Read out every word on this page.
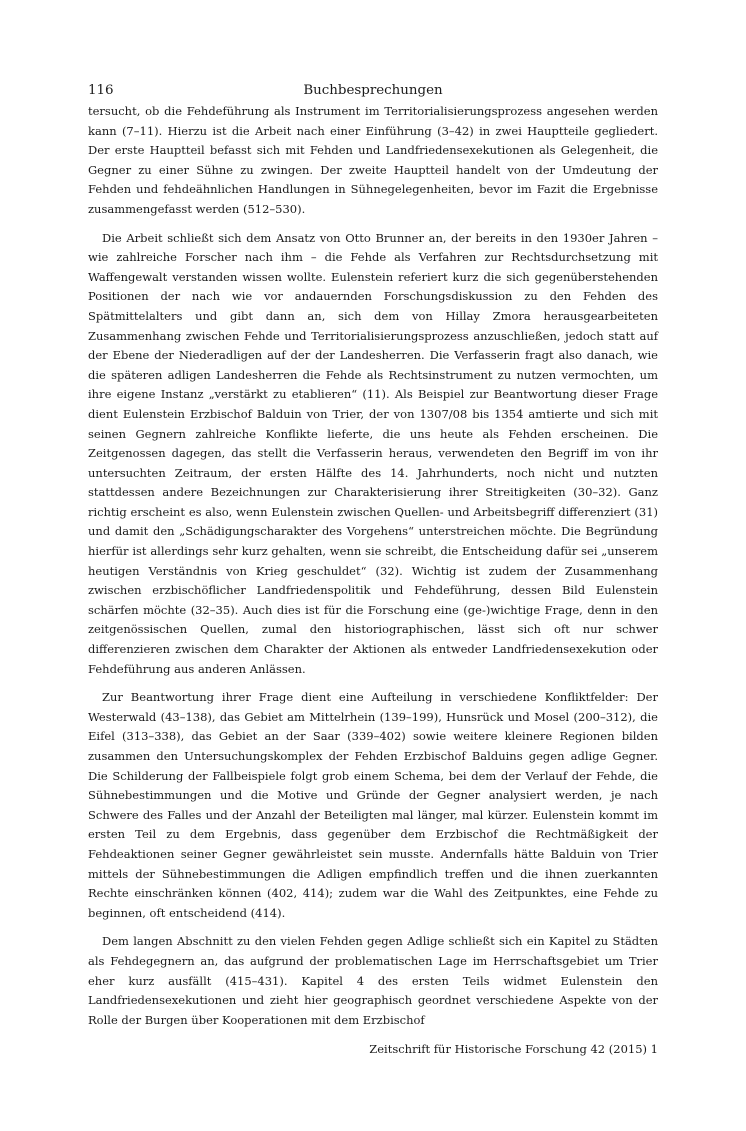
116	Buchbesprechungen

tersucht, ob die Fehdeführung als Instrument im Territorialisierungsprozess angesehen werden kann (7–11). Hierzu ist die Arbeit nach einer Einführung (3–42) in zwei Hauptteile gegliedert. Der erste Hauptteil befasst sich mit Fehden und Landfriedensexekutionen als Gelegenheit, die Gegner zu einer Sühne zu zwingen. Der zweite Hauptteil handelt von der Umdeutung der Fehden und fehdeähnlichen Handlungen in Sühnegelegenheiten, bevor im Fazit die Ergebnisse zusammengefasst werden (512–530).

Die Arbeit schließt sich dem Ansatz von Otto Brunner an, der bereits in den 1930er Jahren – wie zahlreiche Forscher nach ihm – die Fehde als Verfahren zur Rechtsdurchsetzung mit Waffengewalt verstanden wissen wollte. Eulenstein referiert kurz die sich gegenüberstehenden Positionen der nach wie vor andauernden Forschungsdiskussion zu den Fehden des Spätmittelalters und gibt dann an, sich dem von Hillay Zmora herausgearbeiteten Zusammenhang zwischen Fehde und Territorialisierungsprozess anzuschließen, jedoch statt auf der Ebene der Niederadligen auf der der Landesherren. Die Verfasserin fragt also danach, wie die späteren adligen Landesherren die Fehde als Rechtsinstrument zu nutzen vermochten, um ihre eigene Instanz „verstärkt zu etablieren“ (11). Als Beispiel zur Beantwortung dieser Frage dient Eulenstein Erzbischof Balduin von Trier, der von 1307/08 bis 1354 amtierte und sich mit seinen Gegnern zahlreiche Konflikte lieferte, die uns heute als Fehden erscheinen. Die Zeitgenossen dagegen, das stellt die Verfasserin heraus, verwendeten den Begriff im von ihr untersuchten Zeitraum, der ersten Hälfte des 14. Jahrhunderts, noch nicht und nutzten stattdessen andere Bezeichnungen zur Charakterisierung ihrer Streitigkeiten (30–32). Ganz richtig erscheint es also, wenn Eulenstein zwischen Quellen- und Arbeitsbegriff differenziert (31) und damit den „Schädigungscharakter des Vorgehens“ unterstreichen möchte. Die Begründung hierfür ist allerdings sehr kurz gehalten, wenn sie schreibt, die Entscheidung dafür sei „unserem heutigen Verständnis von Krieg geschuldet“ (32). Wichtig ist zudem der Zusammenhang zwischen erzbischöflicher Landfriedenspolitik und Fehdeführung, dessen Bild Eulenstein schärfen möchte (32–35). Auch dies ist für die Forschung eine (ge-)wichtige Frage, denn in den zeitgenössischen Quellen, zumal den historiographischen, lässt sich oft nur schwer differenzieren zwischen dem Charakter der Aktionen als entweder Landfriedensexekution oder Fehdeführung aus anderen Anlässen.

Zur Beantwortung ihrer Frage dient eine Aufteilung in verschiedene Konfliktfelder: Der Westerwald (43–138), das Gebiet am Mittelrhein (139–199), Hunsrück und Mosel (200–312), die Eifel (313–338), das Gebiet an der Saar (339–402) sowie weitere kleinere Regionen bilden zusammen den Untersuchungskomplex der Fehden Erzbischof Balduins gegen adlige Gegner. Die Schilderung der Fallbeispiele folgt grob einem Schema, bei dem der Verlauf der Fehde, die Sühnebestimmungen und die Motive und Gründe der Gegner analysiert werden, je nach Schwere des Falles und der Anzahl der Beteiligten mal länger, mal kürzer. Eulenstein kommt im ersten Teil zu dem Ergebnis, dass gegenüber dem Erzbischof die Rechtmäßigkeit der Fehdeaktionen seiner Gegner gewährleistet sein musste. Andernfalls hätte Balduin von Trier mittels der Sühnebestimmungen die Adligen empfindlich treffen und die ihnen zuerkannten Rechte einschränken können (402, 414); zudem war die Wahl des Zeitpunktes, eine Fehde zu beginnen, oft entscheidend (414).

Dem langen Abschnitt zu den vielen Fehden gegen Adlige schließt sich ein Kapitel zu Städten als Fehdegegnern an, das aufgrund der problematischen Lage im Herrschaftsgebiet um Trier eher kurz ausfällt (415–431). Kapitel 4 des ersten Teils widmet Eulenstein den Landfriedensexekutionen und zieht hier geographisch geordnet verschiedene Aspekte von der Rolle der Burgen über Kooperationen mit dem Erzbischof

Zeitschrift für Historische Forschung 42 (2015) 1
